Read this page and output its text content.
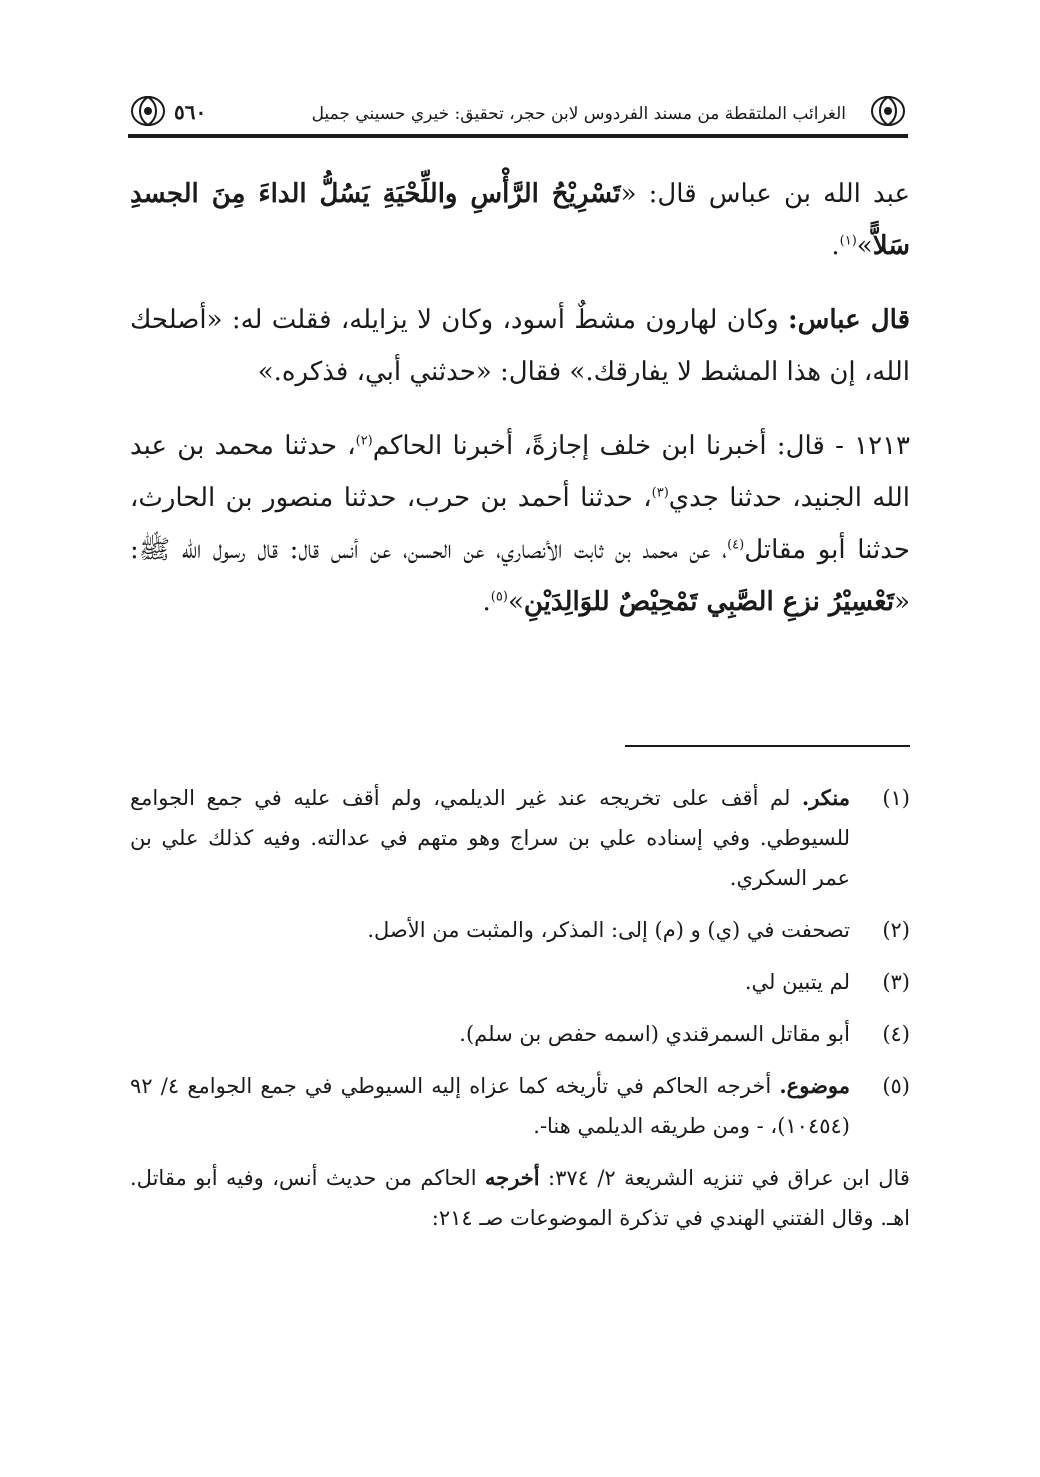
الغرائب الملتقطة من مسند الفردوس لابن حجر، تحقيق: خيري حسيني جميل
٥٦٠

عبد الله بن عباس قال: «تَسْرِيْحُ الرَّأْسِ واللِّحْيَةِ يَسُلُّ الداءَ مِنَ الجسدِ سَلاًّ»$^{(١)}$.

قال عباس: وكان لهارون مشطٌ أسود، وكان لا يزايله، فقلت له: «أصلحك الله، إن هذا المشط لا يفارقك.» فقال: «حدثني أبي، فذكره.»

١٢١٣ - قال: أخبرنا ابن خلف إجازةً، أخبرنا الحاكم$^{(٢)}$، حدثنا محمد بن عبد الله الجنيد، حدثنا جدي$^{(٣)}$، حدثنا أحمد بن حرب، حدثنا منصور بن الحارث، حدثنا أبو مقاتل$^{(٤)}$، عن محمد بن ثابت الأنصاري، عن الحسن، عن أنس قال: قال رسول الله ﷺ: «تَعْسِيْرُ نزعِ الصَّبِي تَمْحِيْصٌ للوَالِدَيْنِ»$^{(٥)}$.

(١)
منكر. لم أقف على تخريجه عند غير الديلمي، ولم أقف عليه في جمع الجوامع للسيوطي. وفي إسناده علي بن سراج وهو متهم في عدالته. وفيه كذلك علي بن عمر السكري.
(٢)
تصحفت في (ي) و (م) إلى: المذكر، والمثبت من الأصل.
(٣)
لم يتبين لي.
(٤)
أبو مقاتل السمرقندي (اسمه حفص بن سلم).
(٥)
موضوع. أخرجه الحاكم في تأريخه كما عزاه إليه السيوطي في جمع الجوامع ٤/ ٩٢ (١٠٤٥٤)، - ومن طريقه الديلمي هنا-.

قال ابن عراق في تنزيه الشريعة ٢/ ٣٧٤: أخرجه الحاكم من حديث أنس، وفيه أبو مقاتل. اهـ. وقال الفتني الهندي في تذكرة الموضوعات صـ ٢١٤:
